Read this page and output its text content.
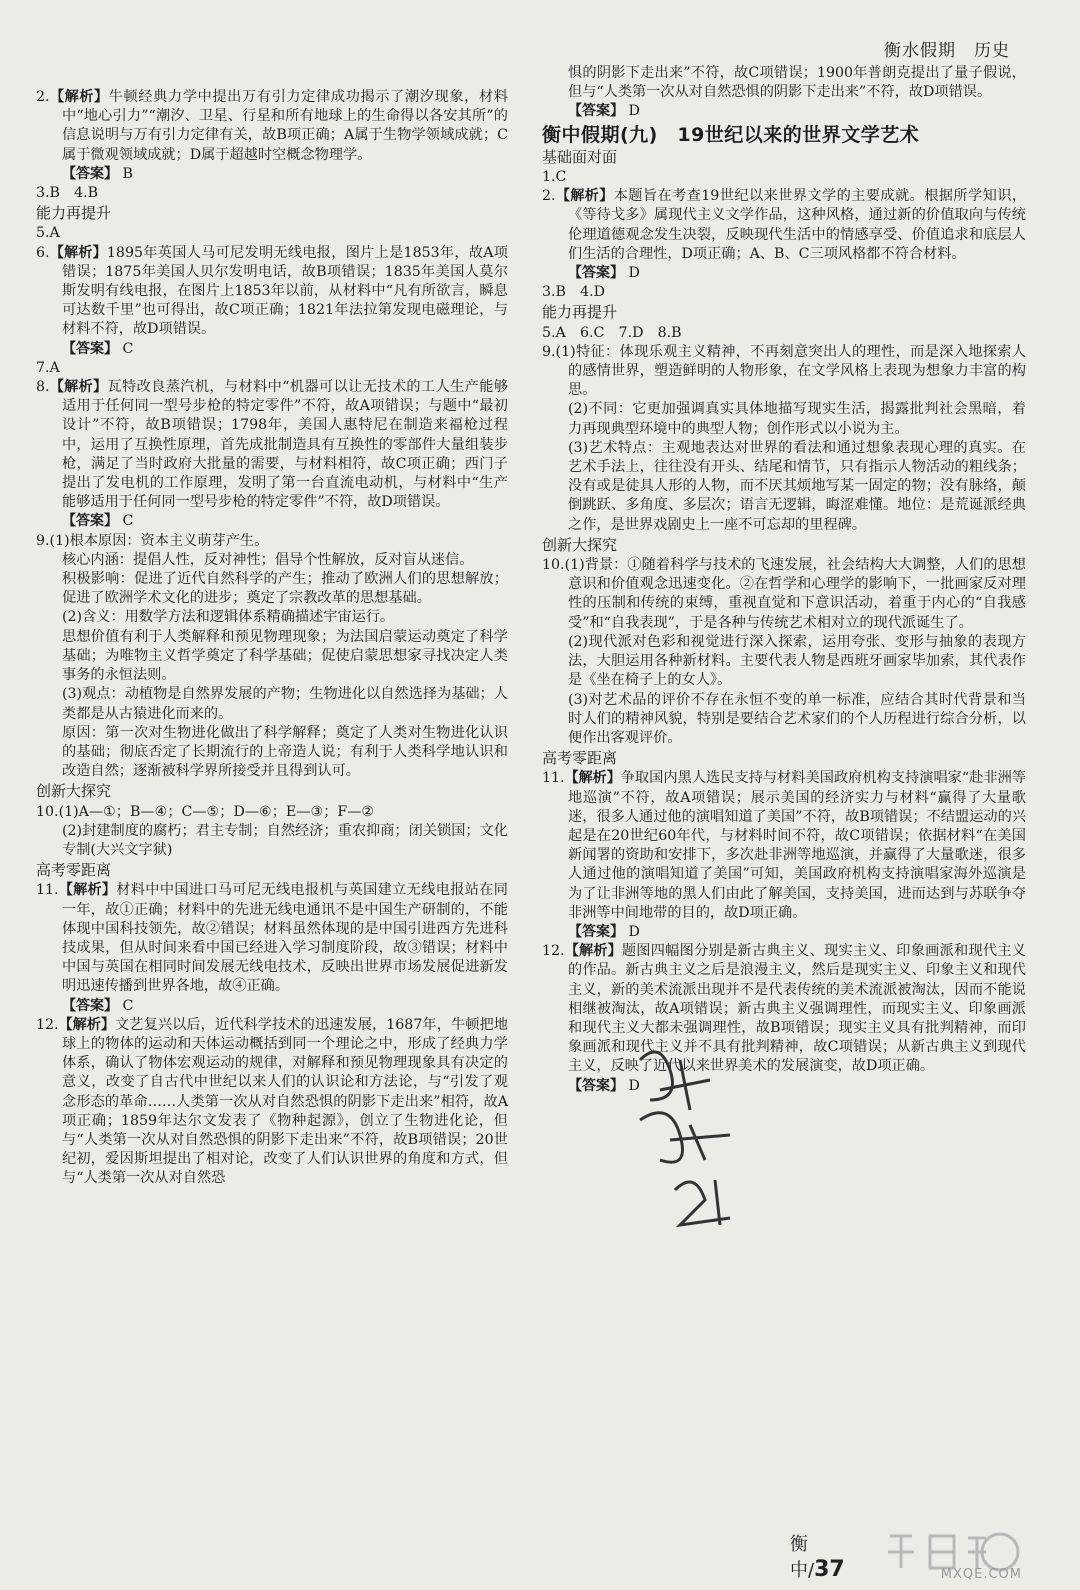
衡水假期　历史

2.【解析】牛顿经典力学中提出万有引力定律成功揭示了潮汐现象，材料中“地心引力”“潮汐、卫星、行星和所有地球上的生命得以各安其所”的信息说明与万有引力定律有关，故B项正确；A属于生物学领域成就；C属于微观领域成就；D属于超越时空概念物理学。

【答案】 B

3.B　4.B

能力再提升

5.A

6.【解析】1895年英国人马可尼发明无线电报，图片上是1853年，故A项错误；1875年美国人贝尔发明电话，故B项错误；1835年美国人莫尔斯发明有线电报，在图片上1853年以前，从材料中“凡有所欲言，瞬息可达数千里”也可得出，故C项正确；1821年法拉第发现电磁理论，与材料不符，故D项错误。

【答案】 C

7.A

8.【解析】瓦特改良蒸汽机，与材料中“机器可以让无技术的工人生产能够适用于任何同一型号步枪的特定零件”不符，故A项错误；与题中“最初设计”不符，故B项错误；1798年，美国人惠特尼在制造来福枪过程中，运用了互换性原理，首先成批制造具有互换性的零部件大量组装步枪，满足了当时政府大批量的需要，与材料相符，故C项正确；西门子提出了发电机的工作原理，发明了第一台直流电动机，与材料中“生产能够适用于任何同一型号步枪的特定零件”不符，故D项错误。

【答案】 C

9.(1)根本原因：资本主义萌芽产生。

核心内涵：提倡人性，反对神性；倡导个性解放，反对盲从迷信。

积极影响：促进了近代自然科学的产生；推动了欧洲人们的思想解放；促进了欧洲学术文化的进步；奠定了宗教改革的思想基础。

(2)含义：用数学方法和逻辑体系精确描述宇宙运行。

思想价值有利于人类解释和预见物理现象；为法国启蒙运动奠定了科学基础；为唯物主义哲学奠定了科学基础；促使启蒙思想家寻找决定人类事务的永恒法则。

(3)观点：动植物是自然界发展的产物；生物进化以自然选择为基础；人类都是从古猿进化而来的。

原因：第一次对生物进化做出了科学解释；奠定了人类对生物进化认识的基础；彻底否定了长期流行的上帝造人说；有利于人类科学地认识和改造自然；逐渐被科学界所接受并且得到认可。

创新大探究

10.(1)A—①；B—④；C—⑤；D—⑥；E—③；F—②

(2)封建制度的腐朽；君主专制；自然经济；重农抑商；闭关锁国；文化专制(大兴文字狱)

高考零距离

11.【解析】材料中中国进口马可尼无线电报机与英国建立无线电报站在同一年，故①正确；材料中的先进无线电通讯不是中国生产研制的，不能体现中国科技领先，故②错误；材料虽然体现的是中国引进西方先进科技成果，但从时间来看中国已经进入学习制度阶段，故③错误；材料中中国与英国在相同时间发展无线电技术，反映出世界市场发展促进新发明迅速传播到世界各地，故④正确。

【答案】 C

12.【解析】文艺复兴以后，近代科学技术的迅速发展，1687年，牛顿把地球上的物体的运动和天体运动概括到同一个理论之中，形成了经典力学体系，确认了物体宏观运动的规律，对解释和预见物理现象具有决定的意义，改变了自古代中世纪以来人们的认识论和方法论，与“引发了观念形态的革命……人类第一次从对自然恐惧的阴影下走出来”相符，故A项正确；1859年达尔文发表了《物种起源》，创立了生物进化论，但与“人类第一次从对自然恐惧的阴影下走出来”不符，故B项错误；20世纪初，爱因斯坦提出了相对论，改变了人们认识世界的角度和方式，但与“人类第一次从对自然恐

惧的阴影下走出来”不符，故C项错误；1900年普朗克提出了量子假说，但与“人类第一次从对自然恐惧的阴影下走出来”不符，故D项错误。

【答案】 D

衡中假期(九)　19世纪以来的世界文学艺术

基础面对面

1.C

2.【解析】本题旨在考查19世纪以来世界文学的主要成就。根据所学知识，《等待戈多》属现代主义文学作品，这种风格，通过新的价值取向与传统伦理道德观念发生决裂，反映现代生活中的情感享受、价值追求和底层人们生活的合理性，D项正确；A、B、C三项风格都不符合材料。

【答案】 D

3.B　4.D

能力再提升

5.A　6.C　7.D　8.B

9.(1)特征：体现乐观主义精神，不再刻意突出人的理性，而是深入地探索人的感情世界，塑造鲜明的人物形象，在文学风格上表现为想象力丰富的构思。

(2)不同：它更加强调真实具体地描写现实生活，揭露批判社会黑暗，着力再现典型环境中的典型人物；创作形式以小说为主。

(3)艺术特点：主观地表达对世界的看法和通过想象表现心理的真实。在艺术手法上，往往没有开头、结尾和情节，只有指示人物活动的粗线条；没有或是徒具人形的人物，而不厌其烦地写某一固定的物；没有脉络，颠倒跳跃、多角度、多层次；语言无逻辑，晦涩难懂。地位：是荒诞派经典之作，是世界戏剧史上一座不可忘却的里程碑。

创新大探究

10.(1)背景：①随着科学与技术的飞速发展，社会结构大大调整，人们的思想意识和价值观念迅速变化。②在哲学和心理学的影响下，一批画家反对理性的压制和传统的束缚，重视直觉和下意识活动，着重于内心的“自我感受”和“自我表现”，于是各种与传统艺术相对立的现代派诞生了。

(2)现代派对色彩和视觉进行深入探索，运用夸张、变形与抽象的表现方法，大胆运用各种新材料。主要代表人物是西班牙画家毕加索，其代表作是《坐在椅子上的女人》。

(3)对艺术品的评价不存在永恒不变的单一标准，应结合其时代背景和当时人们的精神风貌，特别是要结合艺术家们的个人历程进行综合分析，以便作出客观评价。

高考零距离

11.【解析】争取国内黑人选民支持与材料美国政府机构支持演唱家“赴非洲等地巡演”不符，故A项错误；展示美国的经济实力与材料“赢得了大量歌迷，很多人通过他的演唱知道了美国”不符，故B项错误；不结盟运动的兴起是在20世纪60年代，与材料时间不符，故C项错误；依据材料“在美国新闻署的资助和安排下，多次赴非洲等地巡演，并赢得了大量歌迷，很多人通过他的演唱知道了美国”可知，美国政府机构支持演唱家海外巡演是为了让非洲等地的黑人们由此了解美国，支持美国，进而达到与苏联争夺非洲等中间地带的目的，故D项正确。

【答案】 D

12.【解析】题图四幅图分别是新古典主义、现实主义、印象画派和现代主义的作品。新古典主义之后是浪漫主义，然后是现实主义、印象主义和现代主义，新的美术流派出现并不是代表传统的美术流派被淘汰，因而不能说相继被淘汰，故A项错误；新古典主义强调理性，而现实主义、印象画派和现代主义大都未强调理性，故B项错误；现实主义具有批判精神，而印象画派和现代主义并不具有批判精神，故C项错误；从新古典主义到现代主义，反映了近代以来世界美术的发展演变，故D项正确。

【答案】 D

衡中/37	MXQE.COM
